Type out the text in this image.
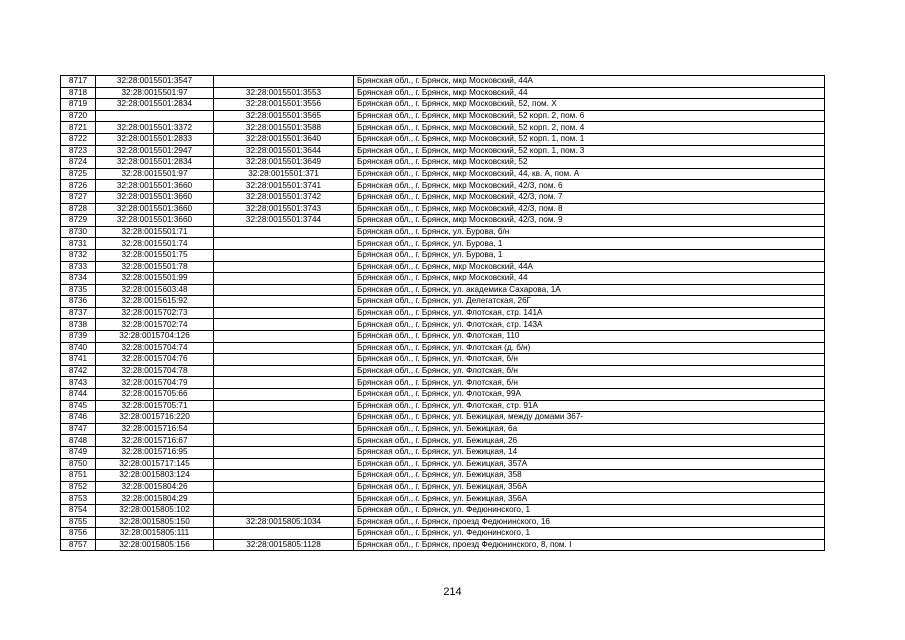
8717	32:28:0015501:3547		Брянская обл., г. Брянск, мкр Московский, 44А
8718	32:28:0015501:97	32:28:0015501:3553	Брянская обл., г. Брянск, мкр Московский, 44
8719	32:28:0015501:2834	32:28:0015501:3556	Брянская обл., г. Брянск, мкр Московский, 52, пом. Х
8720		32:28:0015501:3565	Брянская обл., г. Брянск, мкр Московский, 52 корп. 2, пом. 6
8721	32:28:0015501:3372	32:28:0015501:3588	Брянская обл., г. Брянск, мкр Московский, 52 корп. 2, пом. 4
8722	32:28:0015501:2833	32:28:0015501:3640	Брянская обл., г. Брянск, мкр Московский, 52 корп. 1, пом. 1
8723	32:28:0015501:2947	32:28:0015501:3644	Брянская обл., г. Брянск, мкр Московский, 52 корп. 1, пом. 3
8724	32:28:0015501:2834	32:28:0015501:3649	Брянская обл., г. Брянск, мкр Московский, 52
8725	32:28:0015501:97	32:28:0015501:371	Брянская обл., г. Брянск, мкр Московский, 44, кв. А, пом. А
8726	32:28:0015501:3660	32:28:0015501:3741	Брянская обл., г. Брянск, мкр Московский, 42/3, пом. 6
8727	32:28:0015501:3660	32:28:0015501:3742	Брянская обл., г. Брянск, мкр Московский, 42/3, пом. 7
8728	32:28:0015501:3660	32:28:0015501:3743	Брянская обл., г. Брянск, мкр Московский, 42/3, пом. 8
8729	32:28:0015501:3660	32:28:0015501:3744	Брянская обл., г. Брянск, мкр Московский, 42/3, пом. 9
8730	32:28:0015501:71		Брянская обл., г. Брянск, ул. Бурова, б/н
8731	32:28:0015501:74		Брянская обл., г. Брянск, ул. Бурова, 1
8732	32:28:0015501:75		Брянская обл., г. Брянск, ул. Бурова, 1
8733	32:28:0015501:78		Брянская обл., г. Брянск, мкр Московский, 44А
8734	32:28:0015501:99		Брянская обл., г. Брянск, мкр Московский, 44
8735	32:28:0015603:48		Брянская обл., г. Брянск, ул. академика Сахарова, 1А
8736	32:28:0015615:92		Брянская обл., г. Брянск, ул. Делегатская, 26Г
8737	32:28:0015702:73		Брянская обл., г. Брянск, ул. Флотская, стр. 141А
8738	32:28:0015702:74		Брянская обл., г. Брянск, ул. Флотская, стр. 143А
8739	32:28:0015704:126		Брянская обл., г. Брянск, ул. Флотская, 110
8740	32:28:0015704:74		Брянская обл., г. Брянск, ул. Флотская (д. б/н)
8741	32:28:0015704:76		Брянская обл., г. Брянск, ул. Флотская, б/н
8742	32:28:0015704:78		Брянская обл., г. Брянск, ул. Флотская, б/н
8743	32:28:0015704:79		Брянская обл., г. Брянск, ул. Флотская, б/н
8744	32:28:0015705:66		Брянская обл., г. Брянск, ул. Флотская, 99А
8745	32:28:0015705:71		Брянская обл., г. Брянск, ул. Флотская, стр. 91А
8746	32:28:0015716:220		Брянская обл., г. Брянск, ул. Бежицкая, между домами 367-
8747	32:28:0015716:54		Брянская обл., г. Брянск, ул. Бежицкая, 6а
8748	32:28:0015716:67		Брянская обл., г. Брянск, ул. Бежицкая, 26
8749	32:28:0015716:95		Брянская обл., г. Брянск, ул. Бежицкая, 14
8750	32:28:0015717:145		Брянская обл., г. Брянск, ул. Бежицкая, 357А
8751	32:28:0015803:124		Брянская обл., г. Брянск, ул. Бежицкая, 358
8752	32:28:0015804:26		Брянская обл., г. Брянск, ул. Бежицкая, 356А
8753	32:28:0015804:29		Брянская обл., г. Брянск, ул. Бежицкая, 356А
8754	32:28:0015805:102		Брянская обл., г. Брянск, ул. Федюнинского, 1
8755	32:28:0015805:150	32:28:0015805:1034	Брянская обл., г. Брянск, проезд Федюнинского, 16
8756	32:28:0015805:111		Брянская обл., г. Брянск, ул. Федюнинского, 1
8757	32:28:0015805:156	32:28:0015805:1128	Брянская обл., г. Брянск, проезд Федюнинского, 8, пом. I
214
